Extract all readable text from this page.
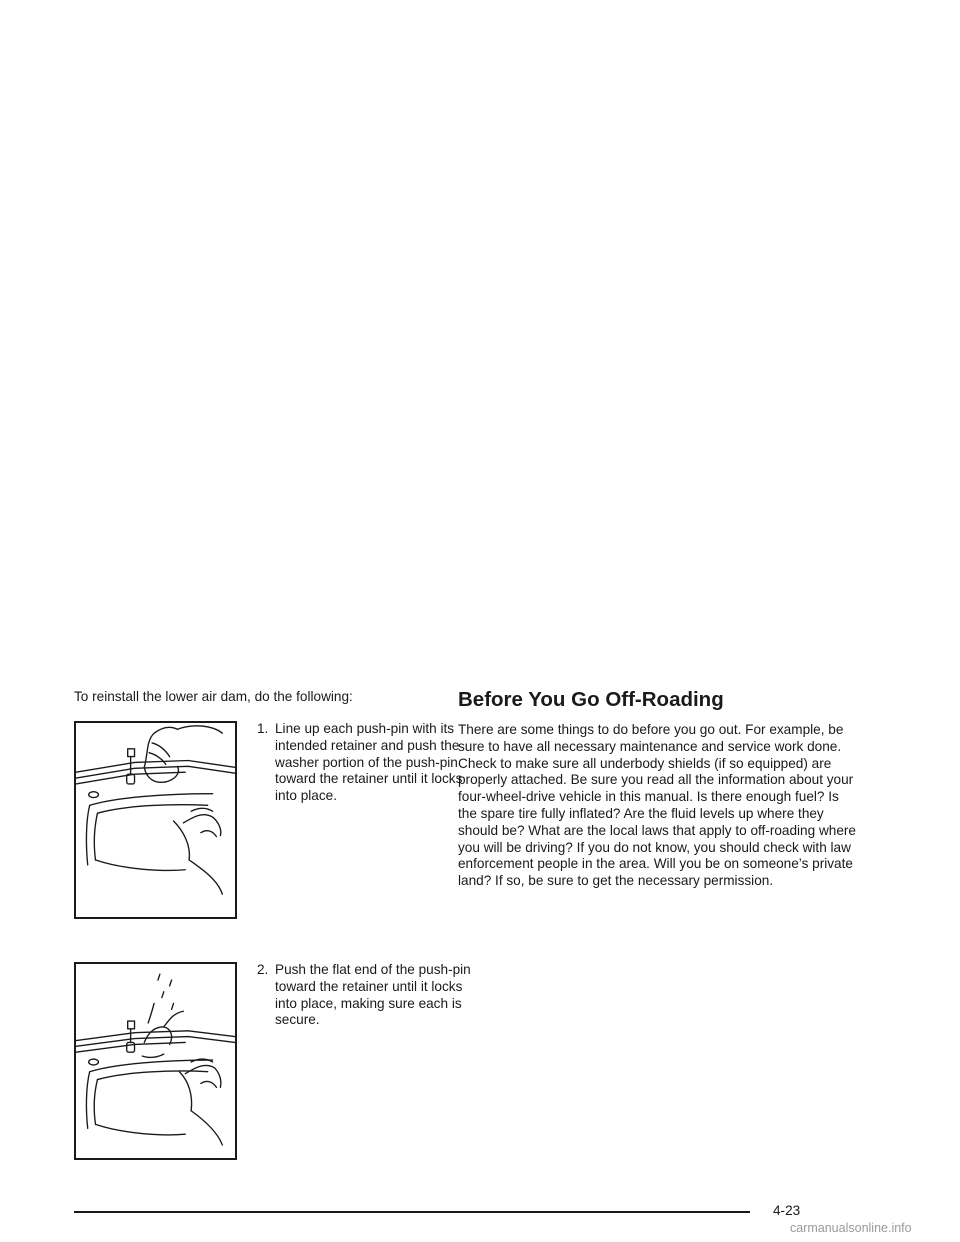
To reinstall the lower air dam, do the following:

1. Line up each push-pin with its intended retainer and push the washer portion of the push-pin toward the retainer until it locks into place.

2. Push the flat end of the push-pin toward the retainer until it locks into place, making sure each is secure.

Before You Go Off-Roading

There are some things to do before you go out. For example, be sure to have all necessary maintenance and service work done. Check to make sure all underbody shields (if so equipped) are properly attached. Be sure you read all the information about your four-wheel-drive vehicle in this manual. Is there enough fuel? Is the spare tire fully inflated? Are the fluid levels up where they should be? What are the local laws that apply to off-roading where you will be driving? If you do not know, you should check with law enforcement people in the area. Will you be on someone’s private land? If so, be sure to get the necessary permission.

4-23
carmanualsonline.info
